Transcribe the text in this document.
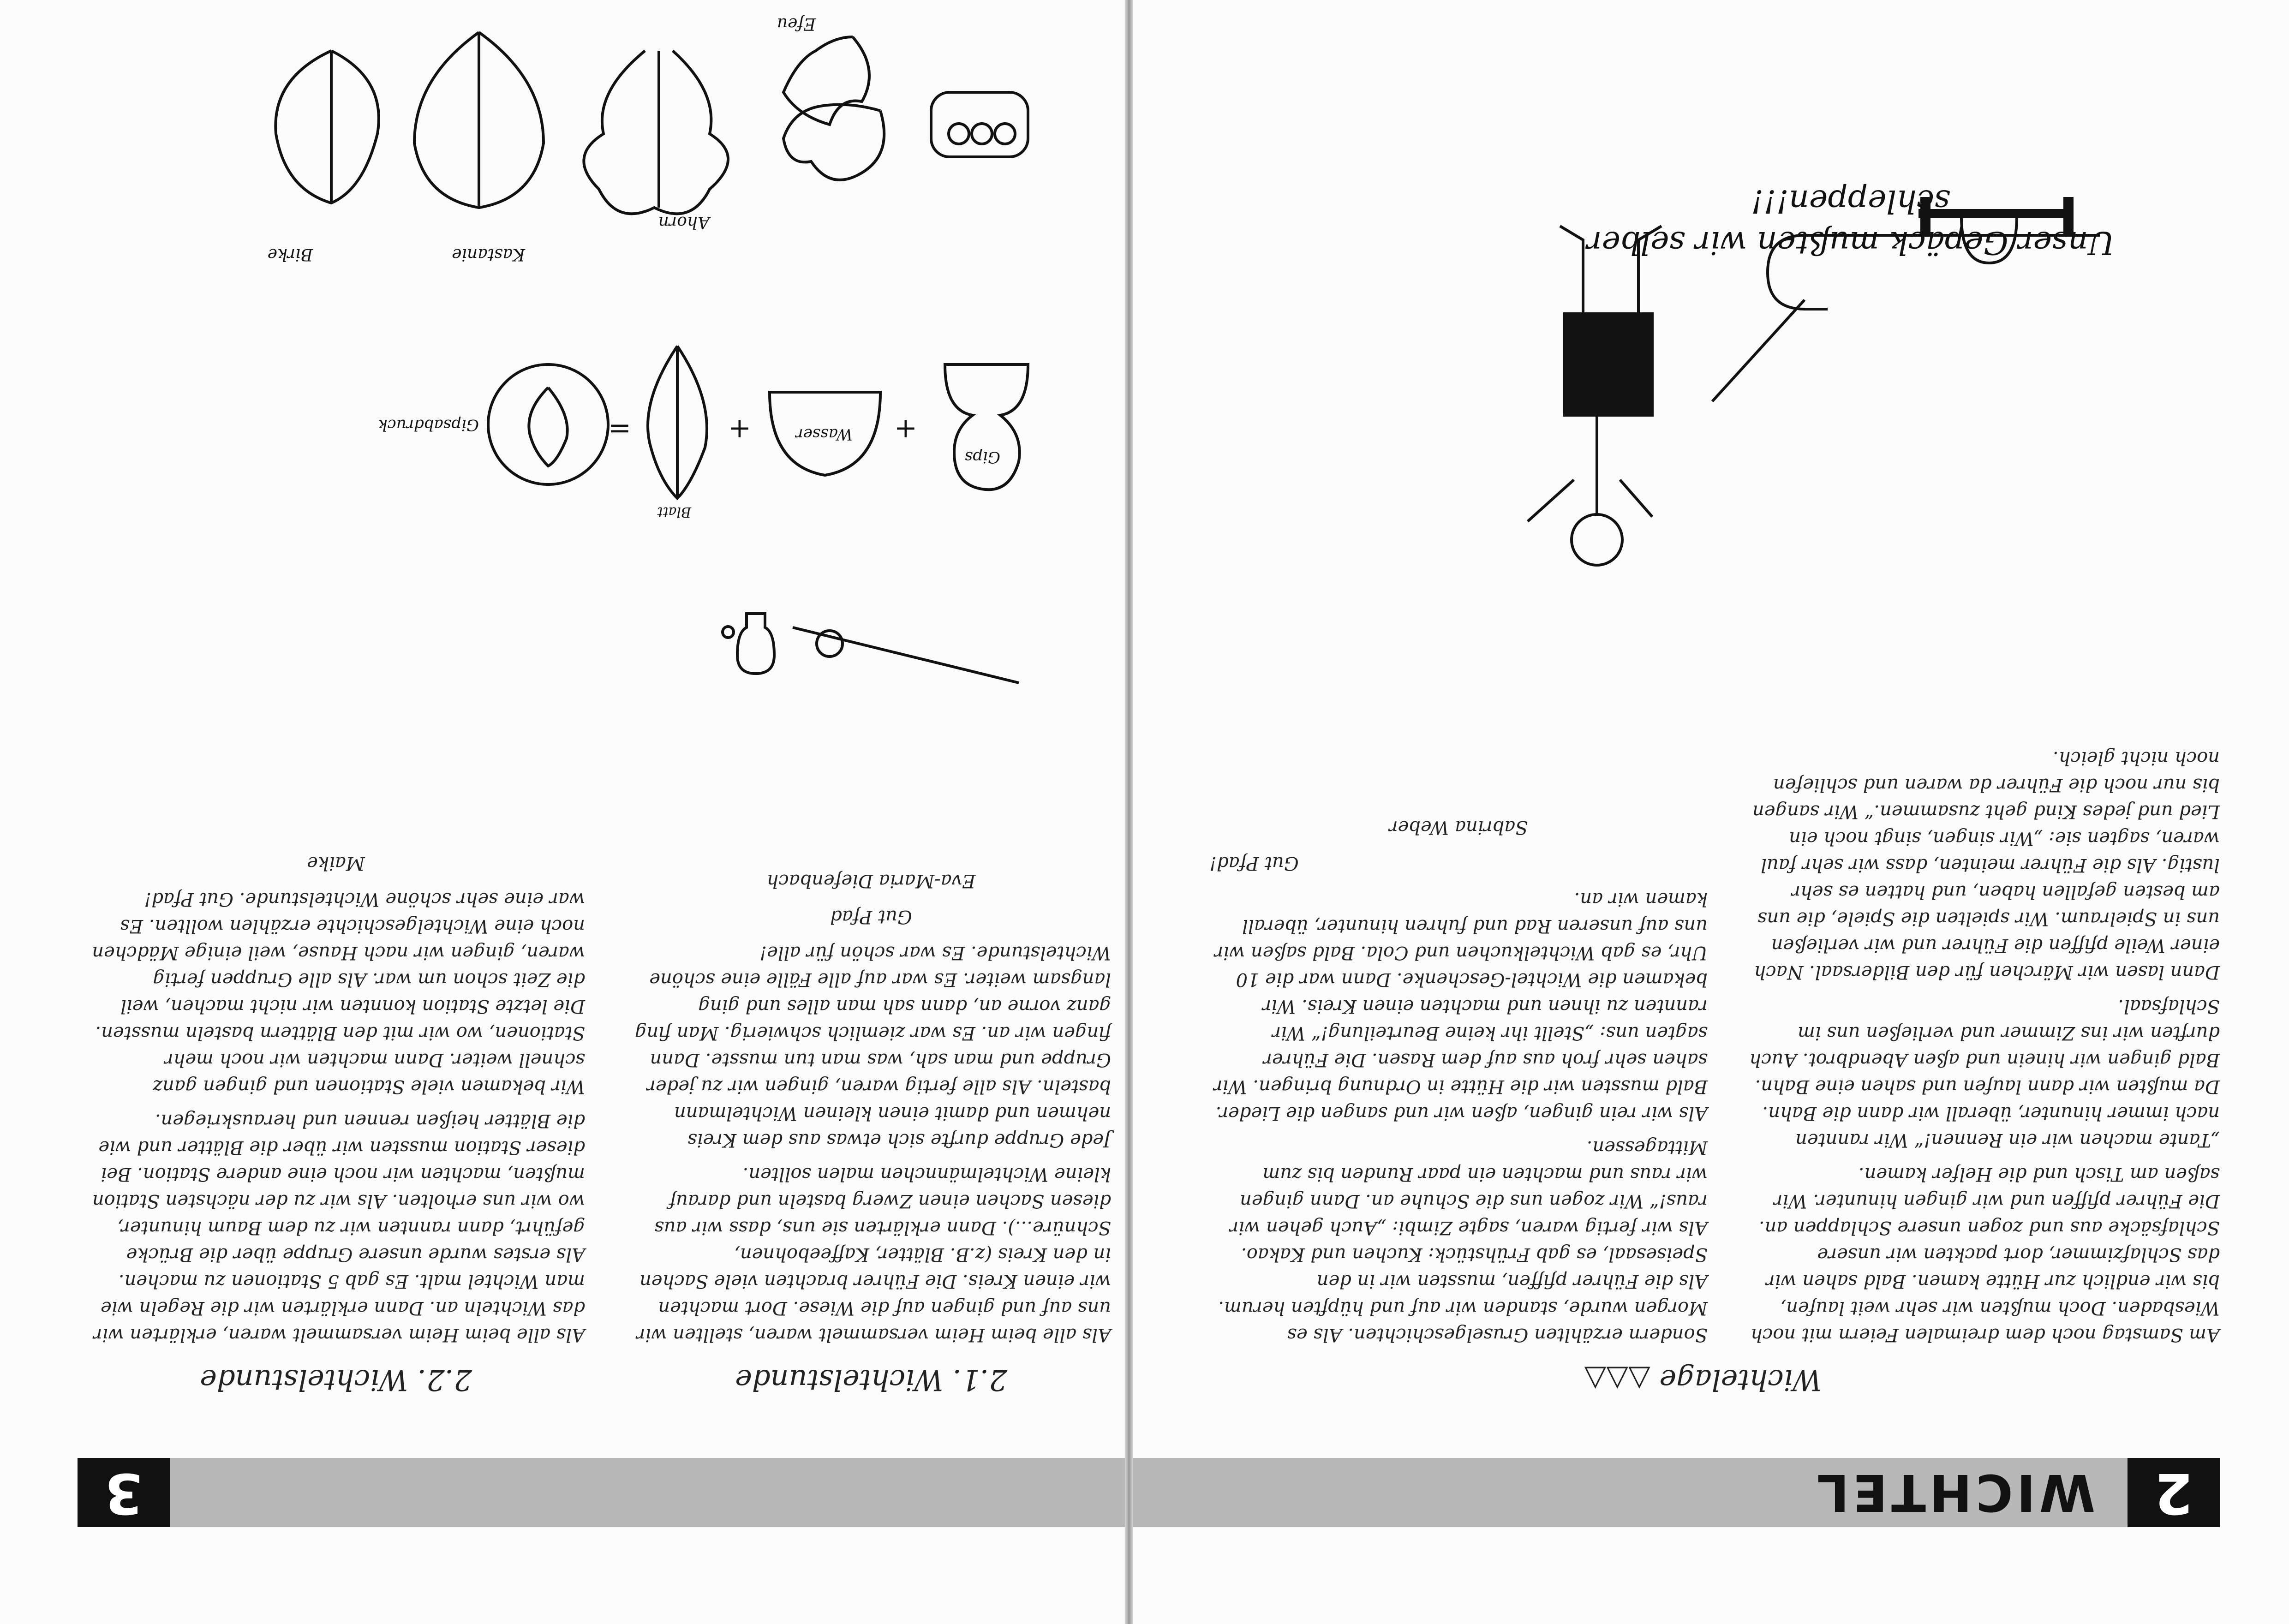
2
WICHTEL
Wichtelage △△△

Am Samstag noch dem dreimalen Feiern mit noch Wiesbaden. Doch mußten wir sehr weit laufen, bis wir endlich zur Hütte kamen. Bald sahen wir das Schlafzimmer, dort packten wir unsere Schlafsäcke aus und zogen unsere Schlappen an. Die Führer pfiffen und wir gingen hinunter. Wir saßen am Tisch und die Helfer kamen.

„Tante machen wir ein Rennen!“ Wir rannten nach immer hinunter, überall wir dann die Bahn. Da mußten wir dann laufen und sahen eine Bahn. Bald gingen wir hinein und aßen Abendbrot. Auch durften wir ins Zimmer und verließen uns im Schlafsaal.

Dann lasen wir Märchen für den Bildersaal. Nach einer Weile pfiffen die Führer und wir verließen uns in Spielraum. Wir spielten die Spiele, die uns am besten gefallen haben, und hatten es sehr lustig. Als die Führer meinten, dass wir sehr faul waren, sagten sie: „Wir singen, singt noch ein Lied und jedes Kind geht zusammen.“ Wir sangen bis nur noch die Führer da waren und schliefen noch nicht gleich.

Sondern erzählten Gruselgeschichten. Als es Morgen wurde, standen wir auf und hüpften herum. Als die Führer pfiffen, mussten wir in den Speisesaal, es gab Frühstück: Kuchen und Kakao. Als wir fertig waren, sagte Zimbi: „Auch gehen wir raus!“ Wir zogen uns die Schuhe an. Dann gingen wir raus und machten ein paar Runden bis zum Mittagessen.

Als wir rein gingen, aßen wir und sangen die Lieder. Bald mussten wir die Hütte in Ordnung bringen. Wir sahen sehr froh aus auf dem Rasen. Die Führer sagten uns: „Stellt ihr keine Beurteilung!“ Wir rannten zu ihnen und machten einen Kreis. Wir bekamen die Wichtel-Geschenke. Dann war die 10 Uhr, es gab Wichtelkuchen und Cola. Bald saßen wir uns auf unseren Rad und fuhren hinunter, überall kamen wir an.

Gut Pfad!
Sabrina Weber
Unser Gepäck mußten wir selber schleppen!!!
3
2.1. Wichtelstunde

Als alle beim Heim versammelt waren, stellten wir uns auf und gingen auf die Wiese. Dort machten wir einen Kreis. Die Führer brachten viele Sachen in den Kreis (z.B. Blätter, Kaffeebohnen, Schnüre...). Dann erklärten sie uns, dass wir aus diesen Sachen einen Zwerg basteln und darauf kleine Wichtelmännchen malen sollten.

Jede Gruppe durfte sich etwas aus dem Kreis nehmen und damit einen kleinen Wichtelmann basteln. Als alle fertig waren, gingen wir zu jeder Gruppe und man sah, was man tun musste. Dann fingen wir an. Es war ziemlich schwierig. Man fing ganz vorne an, dann sah man alles und ging langsam weiter. Es war auf alle Fälle eine schöne Wichtelstunde. Es war schön für alle!

Gut Pfad
Eva-Maria Diefenbach
2.2. Wichtelstunde

Als alle beim Heim versammelt waren, erklärten wir das Wichteln an. Dann erklärten wir die Regeln wie man Wichtel malt. Es gab 5 Stationen zu machen. Als erstes wurde unsere Gruppe über die Brücke geführt, dann rannten wir zu dem Baum hinunter, wo wir uns erholten. Als wir zu der nächsten Station mußten, machten wir noch eine andere Station. Bei dieser Station mussten wir über die Blätter und wie die Blätter heißen rennen und herauskriegen.

Wir bekamen viele Stationen und gingen ganz schnell weiter. Dann machten wir noch mehr Stationen, wo wir mit den Blättern basteln mussten. Die letzte Station konnten wir nicht machen, weil die Zeit schon um war. Als alle Gruppen fertig waren, gingen wir nach Hause, weil einige Mädchen noch eine Wichtelgeschichte erzählen wollten. Es war eine sehr schöne Wichtelstunde. Gut Pfad!

Maike
Gips
+
Wasser
+
Blatt
=
Gipsabdruck
Efeu
Ahorn
Kastanie
Birke
